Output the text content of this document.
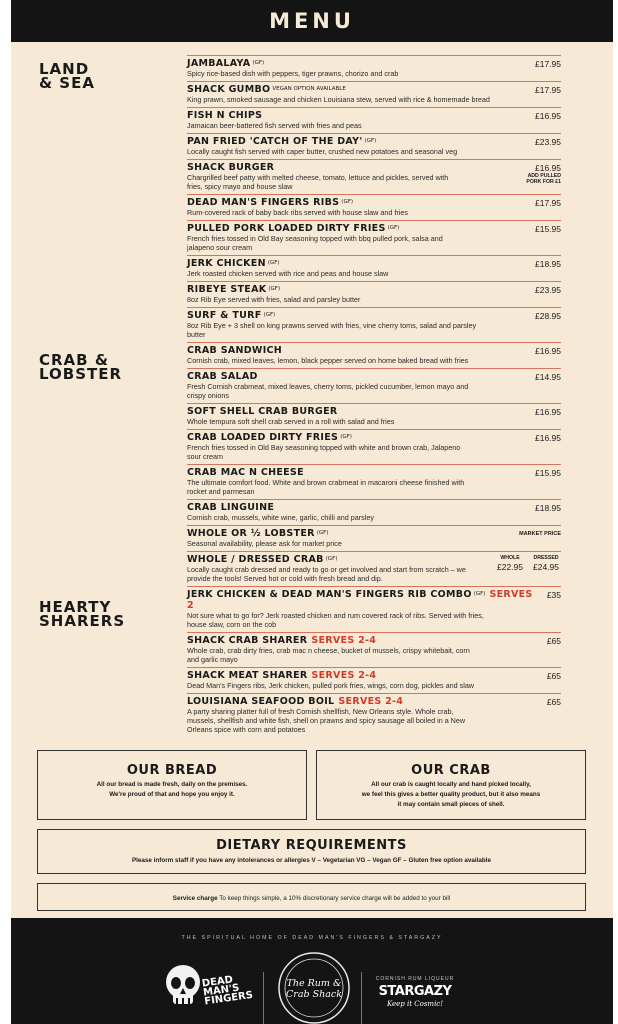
MENU
LAND
& SEA
CRAB &
LOBSTER
HEARTY
SHARERS
JAMBALAYA $^{(GF)}$
Spicy rice-based dish with peppers, tiger prawns, chorizo and crab
£17.95
SHACK GUMBO $^{VEGAN OPTION AVAILABLE}$
King prawn, smoked sausage and chicken Louisiana stew, served with rice & homemade bread
£17.95
FISH N CHIPS
Jamaican beer-battered fish served with fries and peas
£16.95
PAN FRIED 'CATCH OF THE DAY' $^{(GF)}$
Locally caught fish served with caper butter, crushed new potatoes and seasonal veg
£23.95
SHACK BURGER
Chargrilled beef patty with melted cheese, tomato, lettuce and pickles, served with fries, spicy mayo and house slaw
£16.95
ADD PULLED PORK FOR £1
DEAD MAN'S FINGERS RIBS $^{(GF)}$
Rum-covered rack of baby back ribs served with house slaw and fries
£17.95
PULLED PORK LOADED DIRTY FRIES $^{(GF)}$
French fries tossed in Old Bay seasoning topped with bbq pulled pork, salsa and jalapeno sour cream
£15.95
JERK CHICKEN $^{(GF)}$
Jerk roasted chicken served with rice and peas and house slaw
£18.95
RIBEYE STEAK $^{(GF)}$
8oz Rib Eye served with fries, salad and parsley butter
£23.95
SURF & TURF $^{(GF)}$
8oz Rib Eye + 3 shell on king prawns served with fries, vine cherry toms, salad and parsley butter
£28.95
CRAB SANDWICH
Cornish crab, mixed leaves, lemon, black pepper served on home baked bread with fries
£16.95
CRAB SALAD
Fresh Cornish crabmeat, mixed leaves, cherry toms, pickled cucumber, lemon mayo and crispy onions
£14.95
SOFT SHELL CRAB BURGER
Whole tempura soft shell crab served in a roll with salad and fries
£16.95
CRAB LOADED DIRTY FRIES $^{(GF)}$
French fries tossed in Old Bay seasoning topped with white and brown crab, Jalapeno sour cream
£16.95
CRAB MAC N CHEESE
The ultimate comfort food. White and brown crabmeat in macaroni cheese finished with rocket and parmesan
£15.95
CRAB LINGUINE
Cornish crab, mussels, white wine, garlic, chilli and parsley
£18.95
WHOLE OR ½ LOBSTER $^{(GF)}$
Seasonal availability, please ask for market price
MARKET PRICE
WHOLE / DRESSED CRAB $^{(GF)}$
Locally caught crab dressed and ready to go or get involved and start from scratch – we provide the tools! Served hot or cold with fresh bread and dip.
WHOLE
£22.95
DRESSED
£24.95
JERK CHICKEN & DEAD MAN'S FINGERS RIB COMBO $^{(GF)}$ SERVES 2
Not sure what to go for? Jerk roasted chicken and rum covered rack of ribs. Served with fries, house slaw, corn on the cob
£35
SHACK CRAB SHARER SERVES 2-4
Whole crab, crab dirty fries, crab mac n cheese, bucket of mussels, crispy whitebait, corn and garlic mayo
£65
SHACK MEAT SHARER SERVES 2-4
Dead Man's Fingers ribs, Jerk chicken, pulled pork fries, wings, corn dog, pickles and slaw
£65
LOUISIANA SEAFOOD BOIL SERVES 2-4
A party sharing platter full of fresh Cornish shellfish, New Orleans style. Whole crab, mussels, shellfish and white fish, shell on prawns and spicy sausage all boiled in a New Orleans spice with corn and potatoes
£65
OUR BREAD
All our bread is made fresh, daily on the premises.
We're proud of that and hope you enjoy it.
OUR CRAB
All our crab is caught locally and hand picked locally,
we feel this gives a better quality product, but it also means
it may contain small pieces of shell.
DIETARY REQUIREMENTS
Please inform staff if you have any intolerances or allergies V – Vegetarian VG – Vegan GF – Gluten free option available
Service charge To keep things simple, a 10% discretionary service charge will be added to your bill
THE SPIRITUAL HOME OF DEAD MAN'S FINGERS & STARGAZY
DEAD MAN'S FINGERS
The Rum & Crab Shack
CORNISH RUM LIQUEUR
STARGAZY
Keep it Cosmic!
